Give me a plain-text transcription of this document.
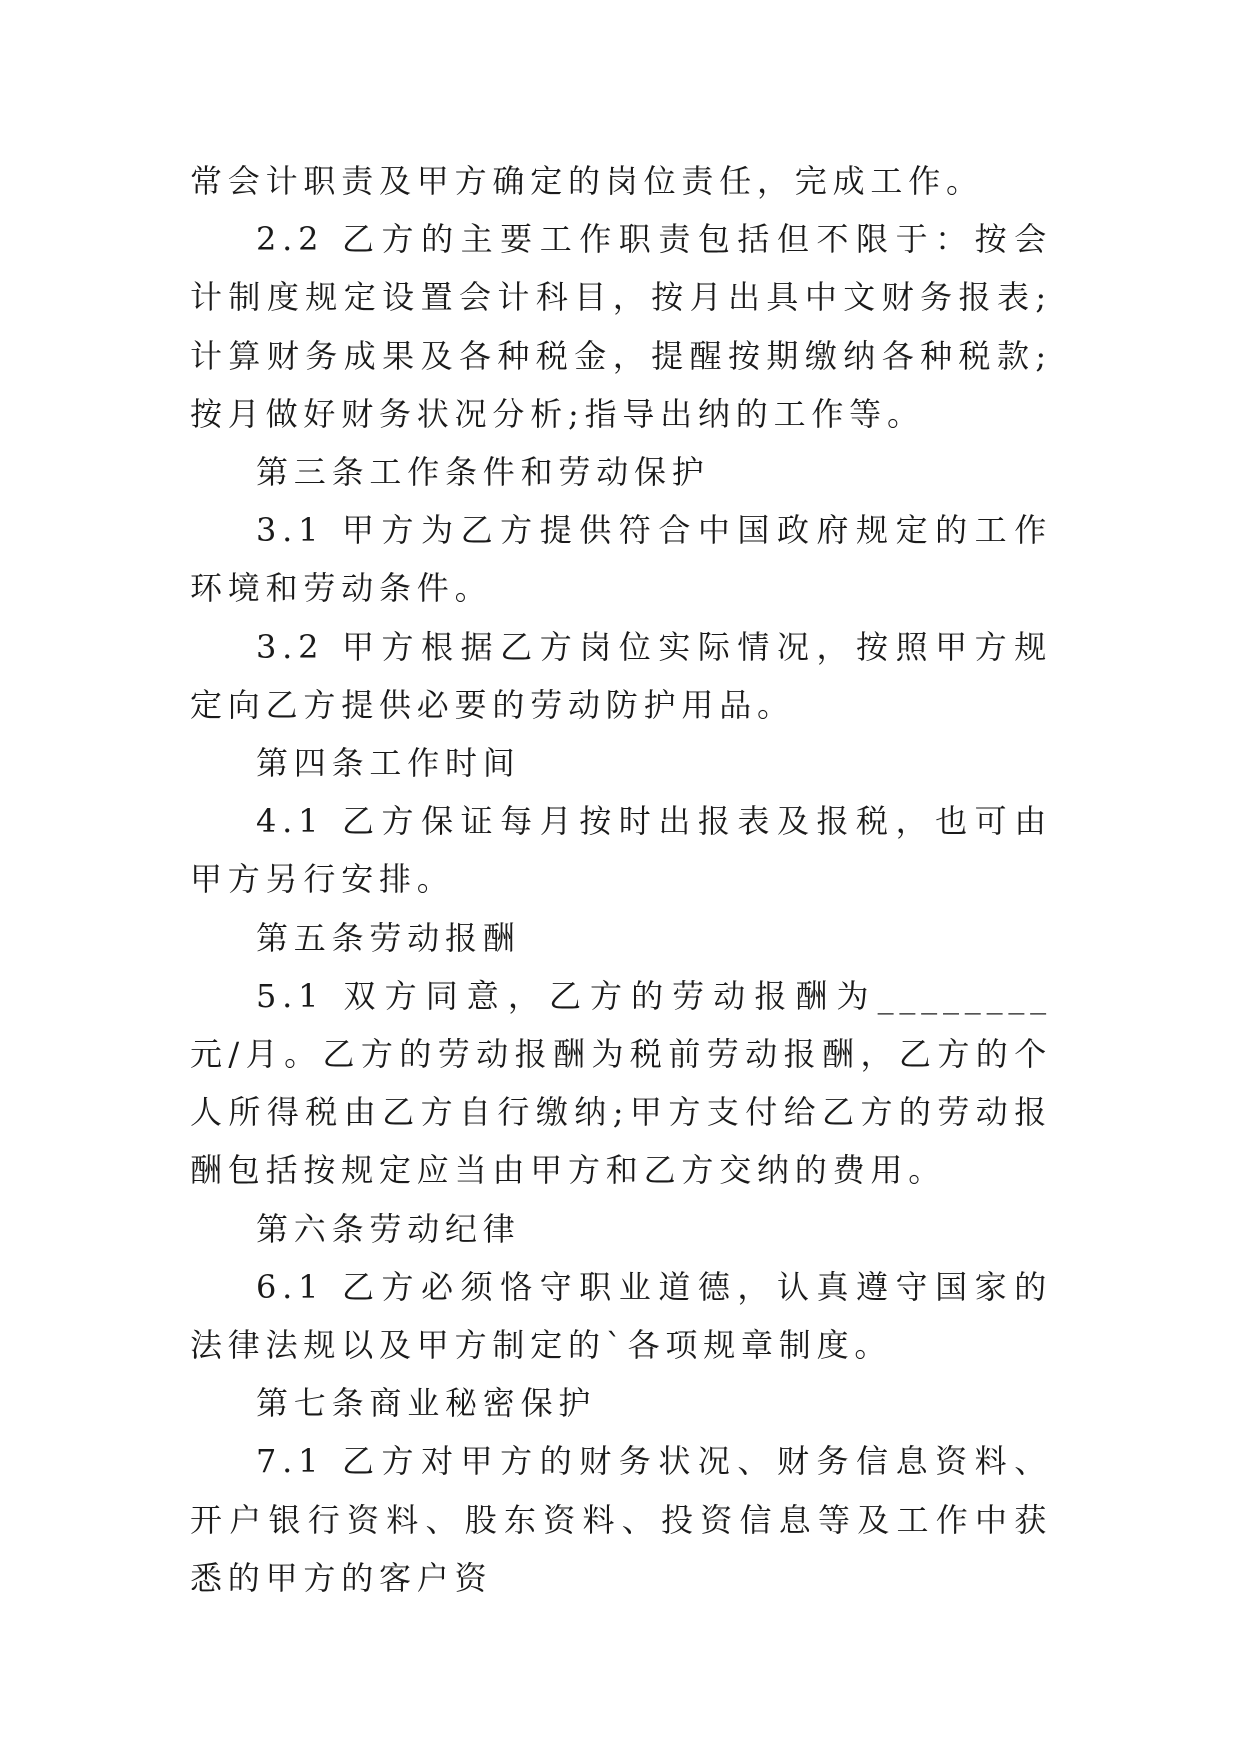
常会计职责及甲方确定的岗位责任，完成工作。

2.2 乙方的主要工作职责包括但不限于：按会计制度规定设置会计科目，按月出具中文财务报表;计算财务成果及各种税金，提醒按期缴纳各种税款;按月做好财务状况分析;指导出纳的工作等。

第三条工作条件和劳动保护

3.1 甲方为乙方提供符合中国政府规定的工作环境和劳动条件。

3.2 甲方根据乙方岗位实际情况，按照甲方规定向乙方提供必要的劳动防护用品。

第四条工作时间

4.1 乙方保证每月按时出报表及报税，也可由甲方另行安排。

第五条劳动报酬

5.1 双方同意，乙方的劳动报酬为________元/月。乙方的劳动报酬为税前劳动报酬，乙方的个人所得税由乙方自行缴纳;甲方支付给乙方的劳动报酬包括按规定应当由甲方和乙方交纳的费用。

第六条劳动纪律

6.1 乙方必须恪守职业道德，认真遵守国家的法律法规以及甲方制定的`各项规章制度。

第七条商业秘密保护

7.1 乙方对甲方的财务状况、财务信息资料、开户银行资料、股东资料、投资信息等及工作中获悉的甲方的客户资
